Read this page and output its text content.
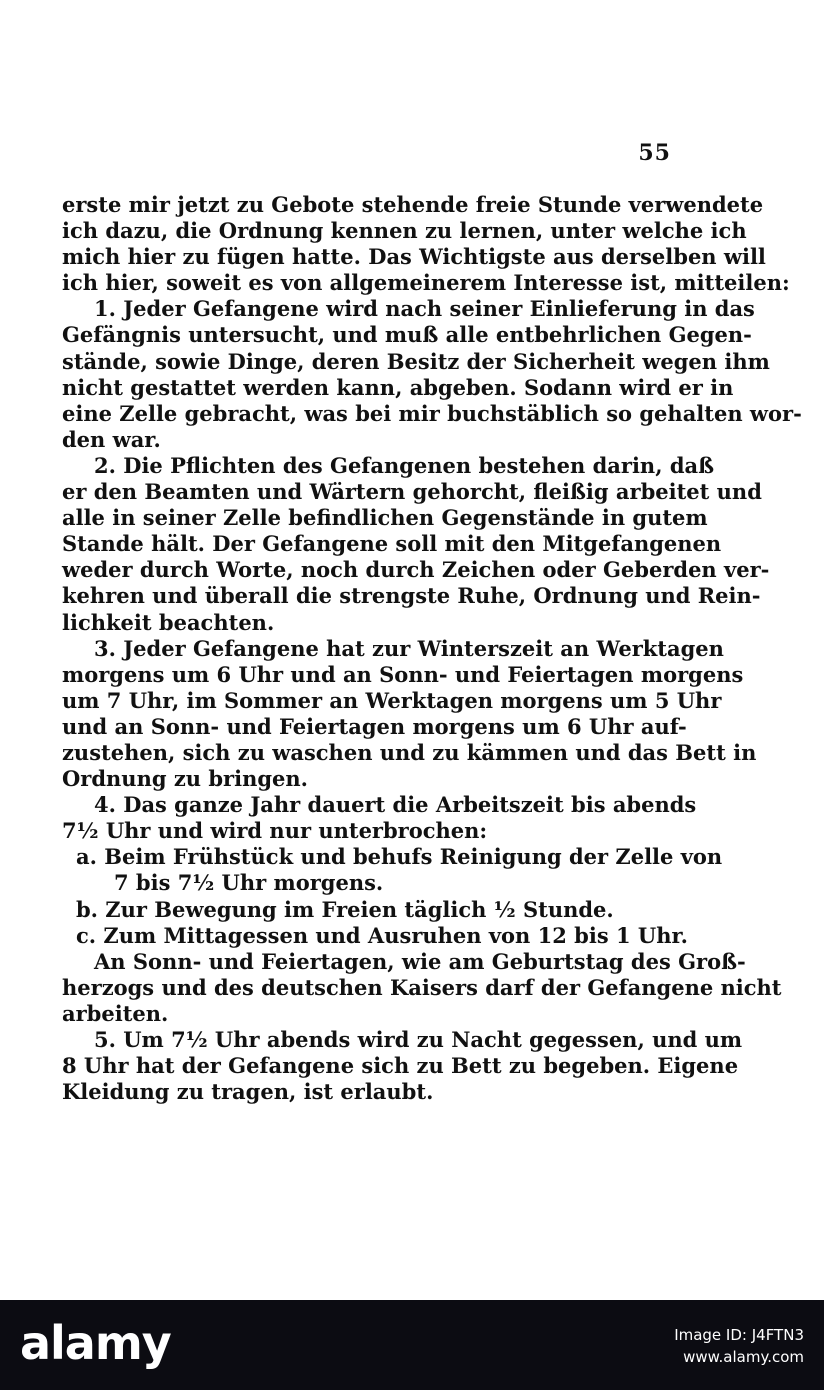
55
erste mir jetzt zu Gebote stehende freie Stunde verwendete
ich dazu, die Ordnung kennen zu lernen, unter welche ich
mich hier zu fügen hatte. Das Wichtigste aus derselben will
ich hier, soweit es von allgemeinerem Interesse ist, mitteilen:
1. Jeder Gefangene wird nach seiner Einlieferung in das
Gefängnis untersucht, und muß alle entbehrlichen Gegen-
stände, sowie Dinge, deren Besitz der Sicherheit wegen ihm
nicht gestattet werden kann, abgeben. Sodann wird er in
eine Zelle gebracht, was bei mir buchstäblich so gehalten wor-
den war.
2. Die Pflichten des Gefangenen bestehen darin, daß
er den Beamten und Wärtern gehorcht, fleißig arbeitet und
alle in seiner Zelle befindlichen Gegenstände in gutem
Stande hält. Der Gefangene soll mit den Mitgefangenen
weder durch Worte, noch durch Zeichen oder Geberden ver-
kehren und überall die strengste Ruhe, Ordnung und Rein-
lichkeit beachten.
3. Jeder Gefangene hat zur Winterszeit an Werktagen
morgens um 6 Uhr und an Sonn- und Feiertagen morgens
um 7 Uhr, im Sommer an Werktagen morgens um 5 Uhr
und an Sonn- und Feiertagen morgens um 6 Uhr auf-
zustehen, sich zu waschen und zu kämmen und das Bett in
Ordnung zu bringen.
4. Das ganze Jahr dauert die Arbeitszeit bis abends
7½ Uhr und wird nur unterbrochen:
a. Beim Frühstück und behufs Reinigung der Zelle von
7 bis 7½ Uhr morgens.
b. Zur Bewegung im Freien täglich ½ Stunde.
c. Zum Mittagessen und Ausruhen von 12 bis 1 Uhr.
An Sonn- und Feiertagen, wie am Geburtstag des Groß-
herzogs und des deutschen Kaisers darf der Gefangene nicht
arbeiten.
5. Um 7½ Uhr abends wird zu Nacht gegessen, und um
8 Uhr hat der Gefangene sich zu Bett zu begeben. Eigene
Kleidung zu tragen, ist erlaubt.
alamy	Image ID: J4FTN3
www.alamy.com
